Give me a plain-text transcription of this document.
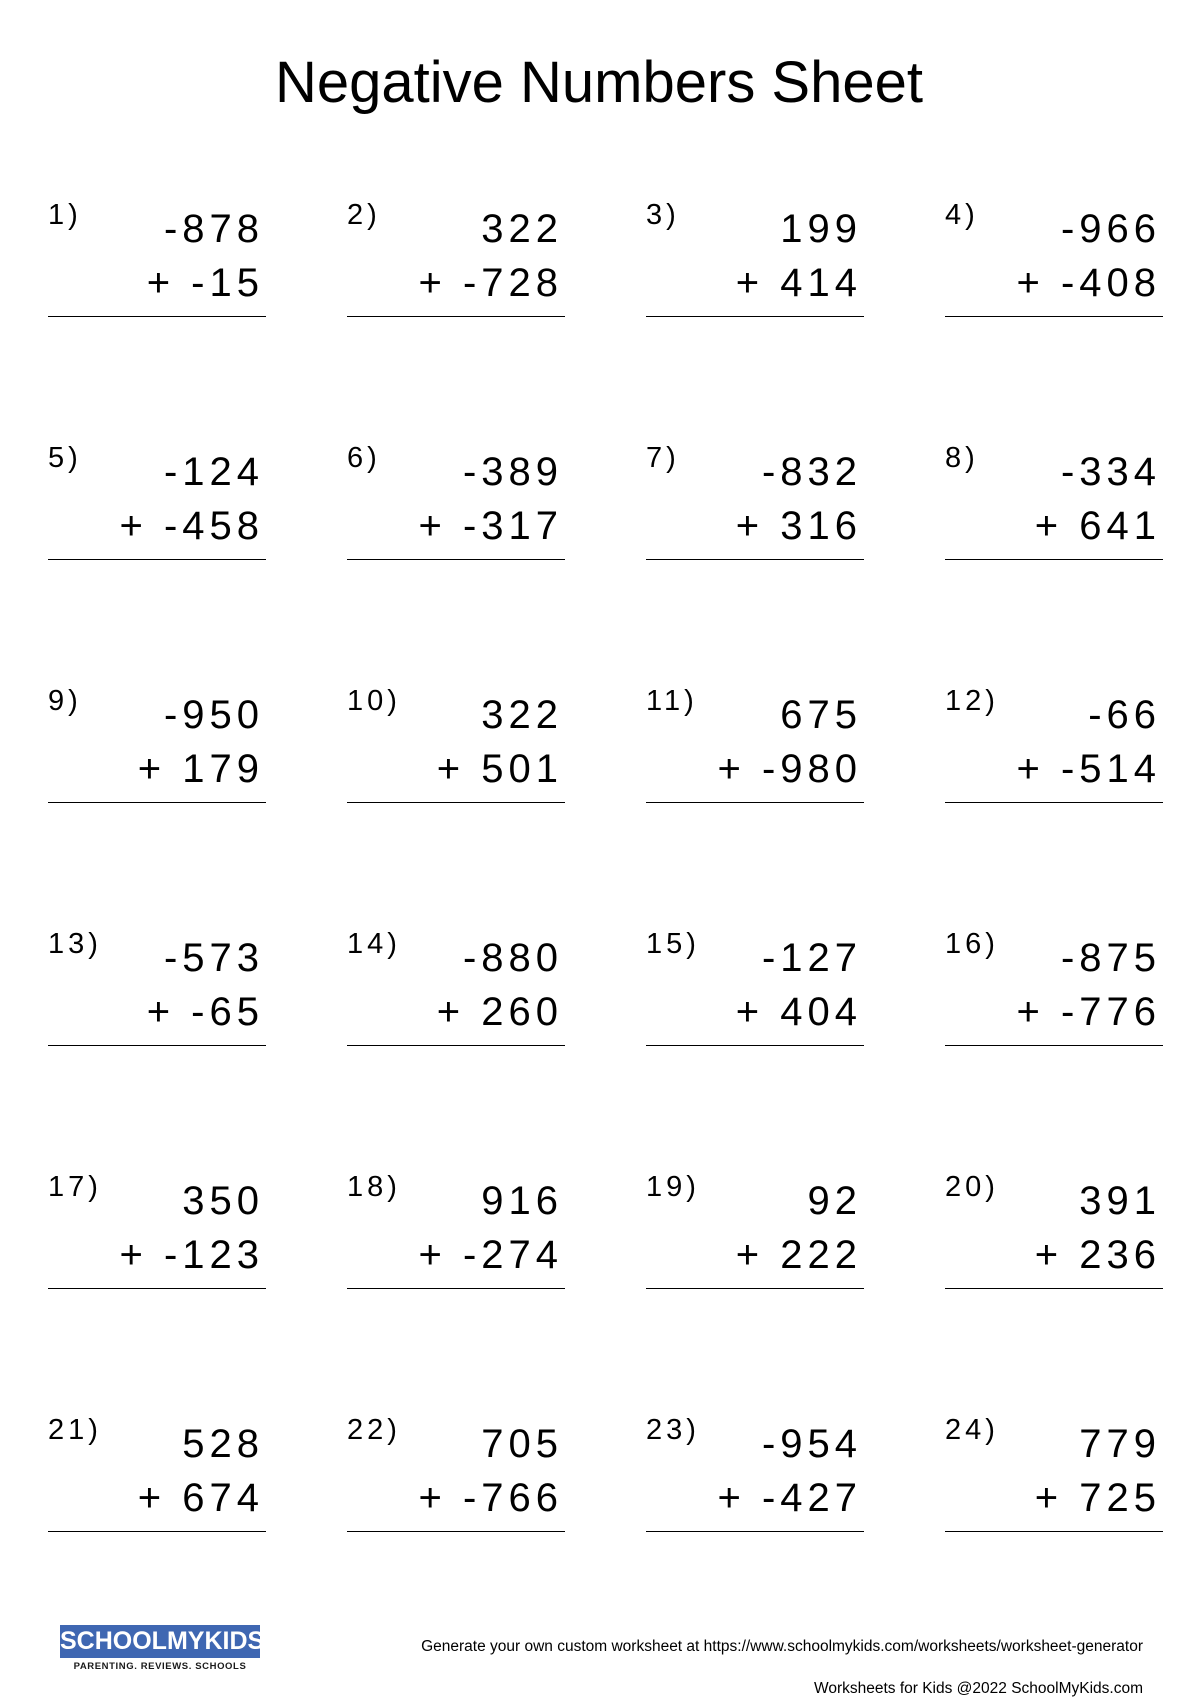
Negative Numbers Sheet
1) -878
+ -15
2)	322
+ -728
3)	199
+ 414
4) -966
+ -408
5) -124
+ -458
6) -389
+ -317
7) -832
+ 316
8) -334
+ 641
9) -950
+ 179
10) 322
+ 501
11) 675
+ -980
12) -66
+ -514
13) -573
+ -65
14) -880
+ 260
15) -127
+ 404
16) -875
+ -776
17) 350
+ -123
18) 916
+ -274
19)	92
+ 222
20) 391
+ 236
21) 528
+ 674
22) 705
+ -766
23) -954
+ -427
24) 779
+ 725
SCHOOLMYKIDS
PARENTING. REVIEWS. SCHOOLS
Generate your own custom worksheet at https://www.schoolmykids.com/worksheets/worksheet-generator
Worksheets for Kids @2022 SchoolMyKids.com
